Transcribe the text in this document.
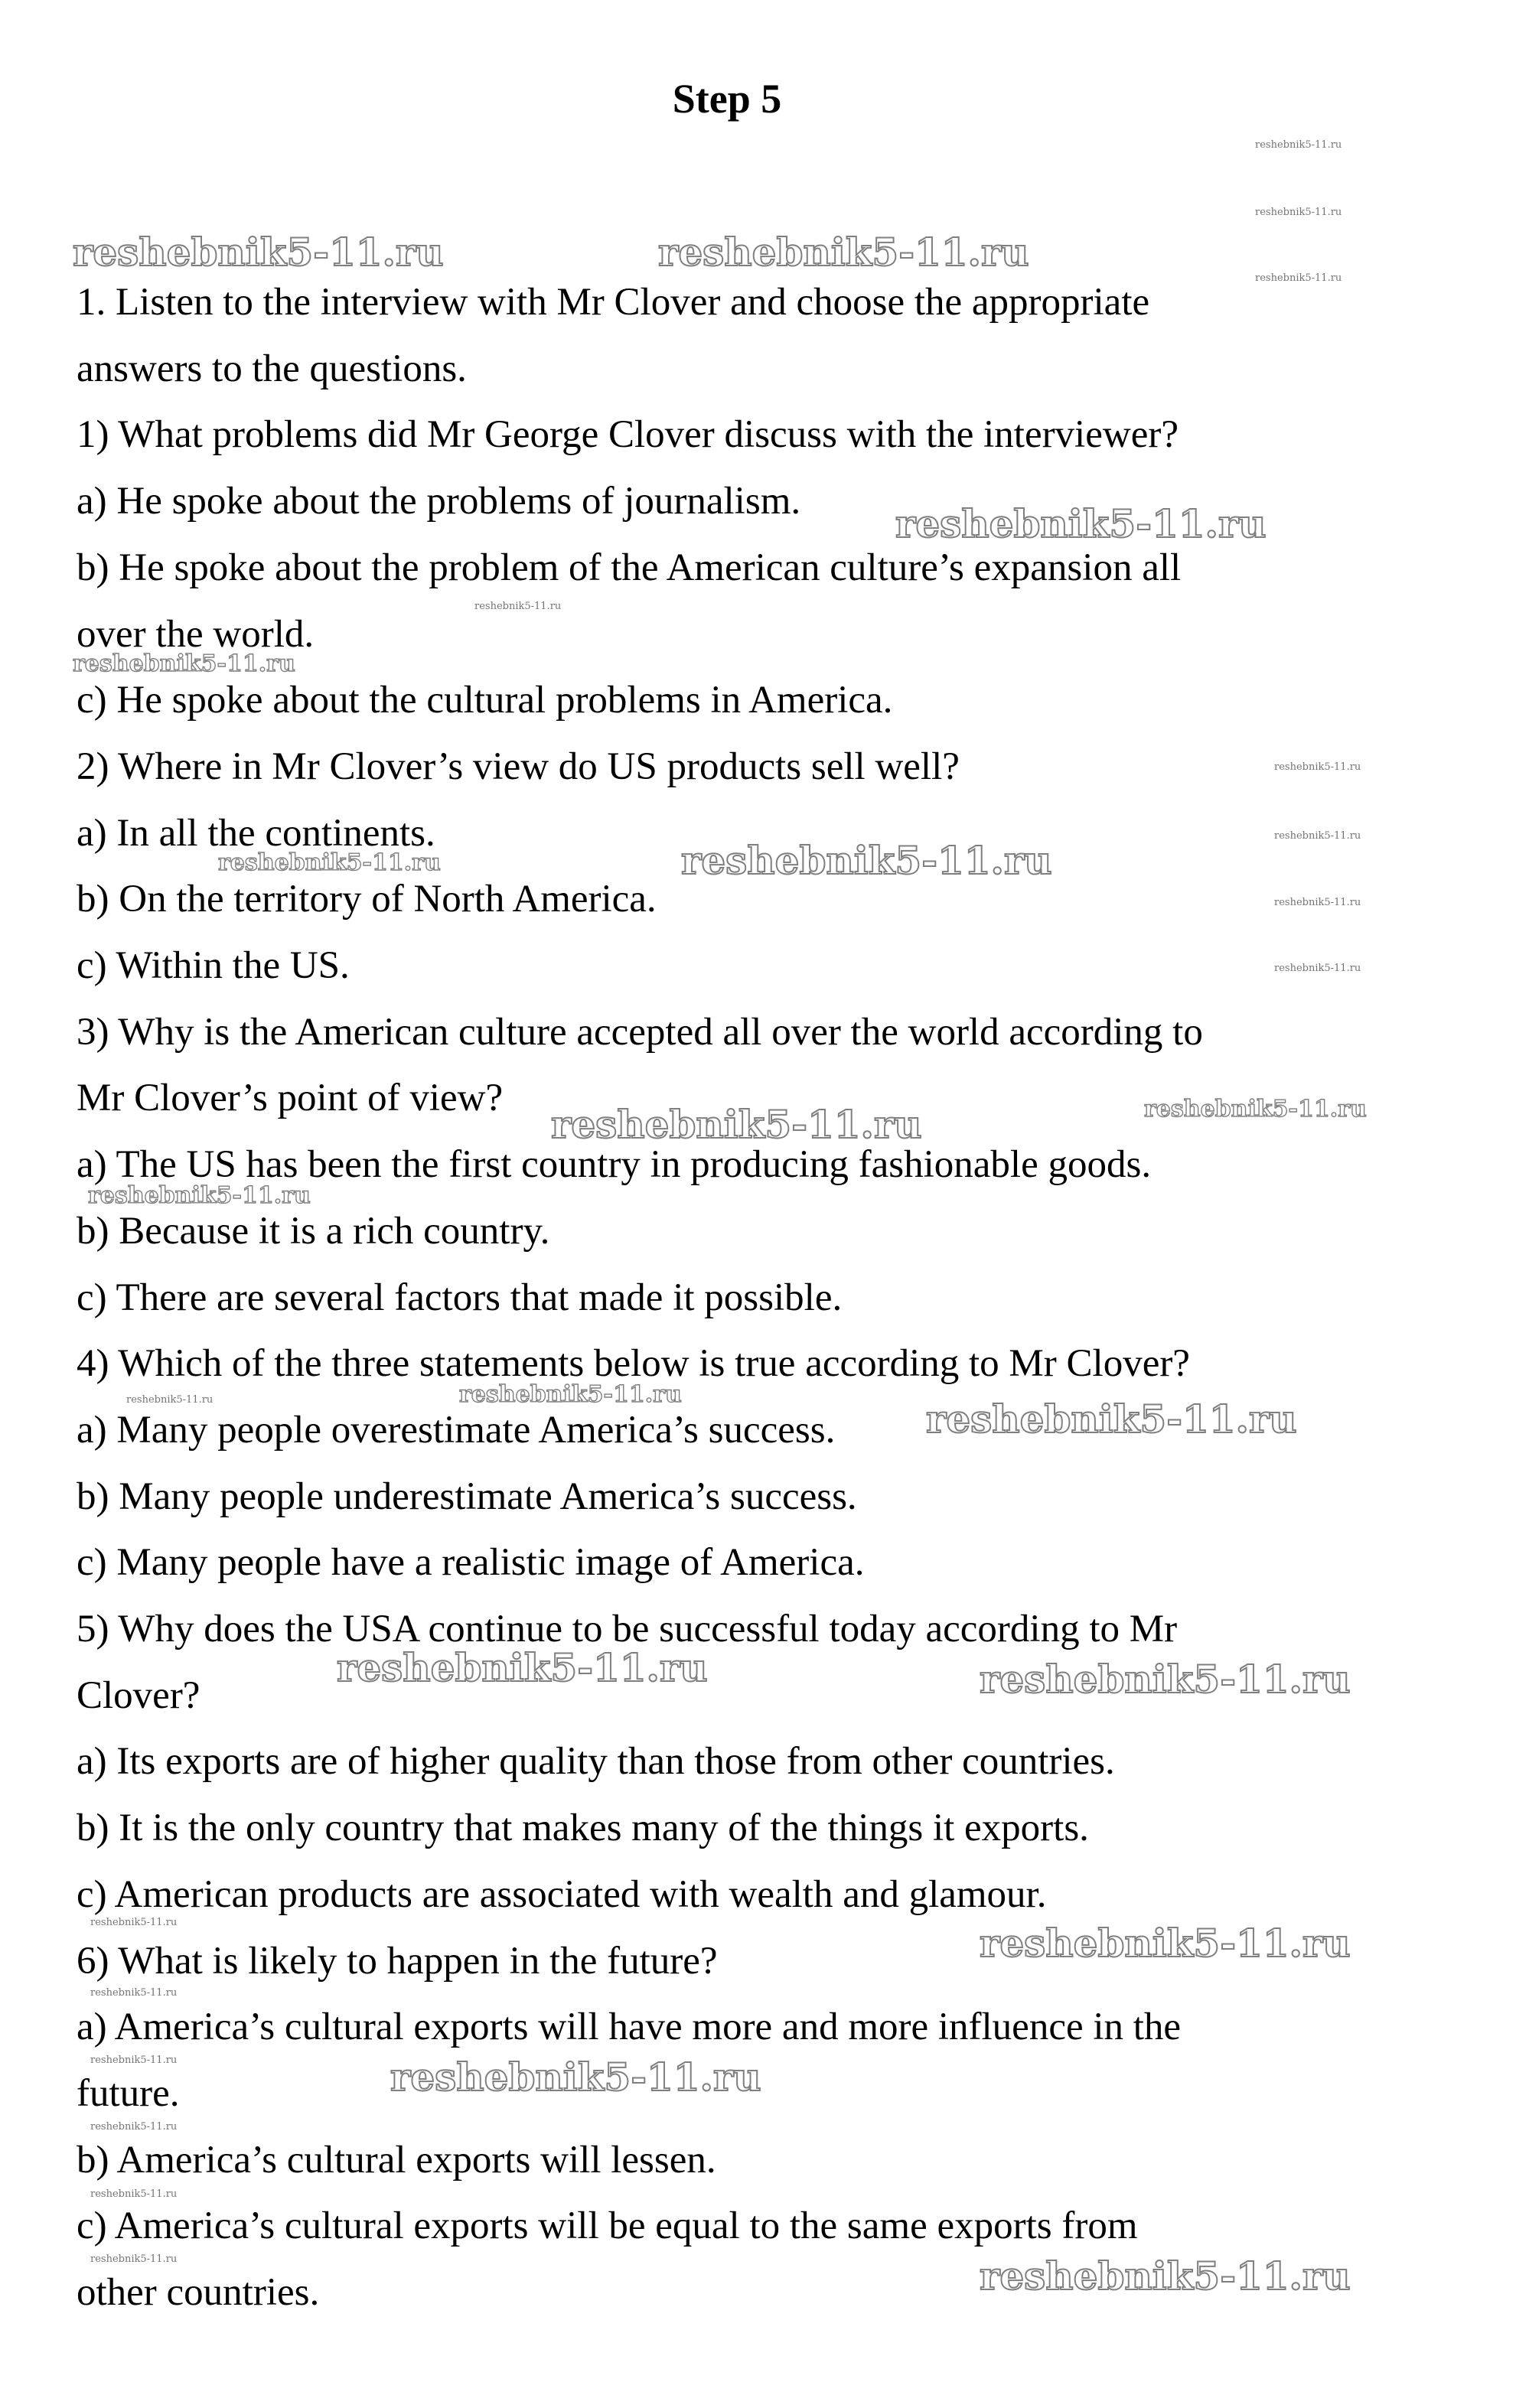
Step 5
1. Listen to the interview with Mr Clover and choose the appropriate
answers to the questions.
1) What problems did Mr George Clover discuss with the interviewer?
a) He spoke about the problems of journalism.
b) He spoke about the problem of the American culture’s expansion all
over the world.
c) He spoke about the cultural problems in America.
2) Where in Mr Clover’s view do US products sell well?
a) In all the continents.
b) On the territory of North America.
c) Within the US.
3) Why is the American culture accepted all over the world according to
Mr Clover’s point of view?
a) The US has been the first country in producing fashionable goods.
b) Because it is a rich country.
c) There are several factors that made it possible.
4) Which of the three statements below is true according to Mr Clover?
a) Many people overestimate America’s success.
b) Many people underestimate America’s success.
c) Many people have a realistic image of America.
5) Why does the USA continue to be successful today according to Mr
Clover?
a) Its exports are of higher quality than those from other countries.
b) It is the only country that makes many of the things it exports.
c) American products are associated with wealth and glamour.
6) What is likely to happen in the future?
a) America’s cultural exports will have more and more influence in the
future.
b) America’s cultural exports will lessen.
c) America’s cultural exports will be equal to the same exports from
other countries.
reshebnik5-11.ru	reshebnik5-11.ru
reshebnik5-11.ru
reshebnik5-11.ru
reshebnik5-11.ru
reshebnik5-11.ru
reshebnik5-11.ru	reshebnik5-11.ru
reshebnik5-11.ru
reshebnik5-11.ru
reshebnik5-11.ru
reshebnik5-11.ru
reshebnik5-11.ru
reshebnik5-11.ru
reshebnik5-11.ru
reshebnik5-11.ru
reshebnik5-11.ru
reshebnik5-11.ru
reshebnik5-11.ru
reshebnik5-11.ru
reshebnik5-11.ru
reshebnik5-11.ru
reshebnik5-11.ru
reshebnik5-11.ru
reshebnik5-11.ru
reshebnik5-11.ru
reshebnik5-11.ru
reshebnik5-11.ru
reshebnik5-11.ru
reshebnik5-11.ru
reshebnik5-11.ru
